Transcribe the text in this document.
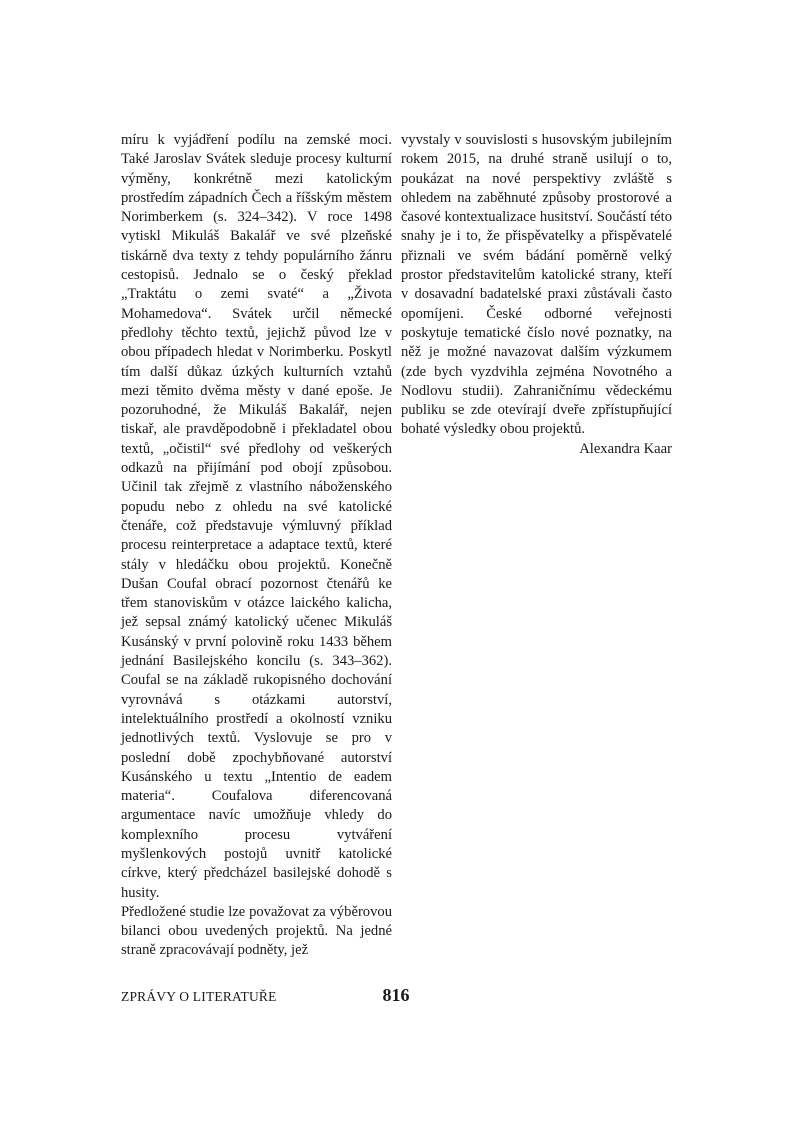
míru k vyjádření podílu na zemské moci. Také Jaroslav Svátek sleduje procesy kulturní výměny, konkrétně mezi katolickým prostředím západních Čech a říšským městem Norimberkem (s. 324–342). V roce 1498 vytiskl Mikuláš Bakalář ve své plzeňské tiskárně dva texty z tehdy populárního žánru cestopisů. Jednalo se o český překlad „Traktátu o zemi svaté“ a „Života Mohamedova“. Svátek určil německé předlohy těchto textů, jejichž původ lze v obou případech hledat v Norimberku. Poskytl tím další důkaz úzkých kulturních vztahů mezi těmito dvěma městy v dané epoše. Je pozoruhodné, že Mikuláš Bakalář, nejen tiskař, ale pravděpodobně i překladatel obou textů, „očistil“ své předlohy od veškerých odkazů na přijímání pod obojí způsobou. Učinil tak zřejmě z vlastního náboženského popudu nebo z ohledu na své katolické čtenáře, což představuje výmluvný příklad procesu reinterpretace a adaptace textů, které stály v hledáčku obou projektů. Konečně Dušan Coufal obrací pozornost čtenářů ke třem stanoviskům v otázce laického kalicha, jež sepsal známý katolický učenec Mikuláš Kusánský v první polovině roku 1433 během jednání Basilejského koncilu (s. 343–362). Coufal se na základě rukopisného dochování vyrovnává s otázkami autorství, intelektuálního prostředí a okolností vzniku jednotlivých textů. Vyslovuje se pro v poslední době zpochybňované autorství Kusánského u textu „Intentio de eadem materia“. Coufalova diferencovaná argumentace navíc umožňuje vhledy do komplexního procesu vytváření myšlenkových postojů uvnitř katolické církve, který předcházel basilejské dohodě s husity.

Předložené studie lze považovat za výběrovou bilanci obou uvedených projektů. Na jedné straně zpracovávají podněty, jež

vyvstaly v souvislosti s husovským jubilejním rokem 2015, na druhé straně usilují o to, poukázat na nové perspektivy zvláště s ohledem na zaběhnuté způsoby prostorové a časové kontextualizace husitství. Součástí této snahy je i to, že přispěvatelky a přispěvatelé přiznali ve svém bádání poměrně velký prostor představitelům katolické strany, kteří v dosavadní badatelské praxi zůstávali často opomíjeni. České odborné veřejnosti poskytuje tematické číslo nové poznatky, na něž je možné navazovat dalším výzkumem (zde bych vyzdvihla zejména Novotného a Nodlovu studii). Zahraničnímu vědeckému publiku se zde otevírají dveře zpřístupňující bohaté výsledky obou projektů.

Alexandra Kaar

ZPRÁVY O LITERATUŘE	816
